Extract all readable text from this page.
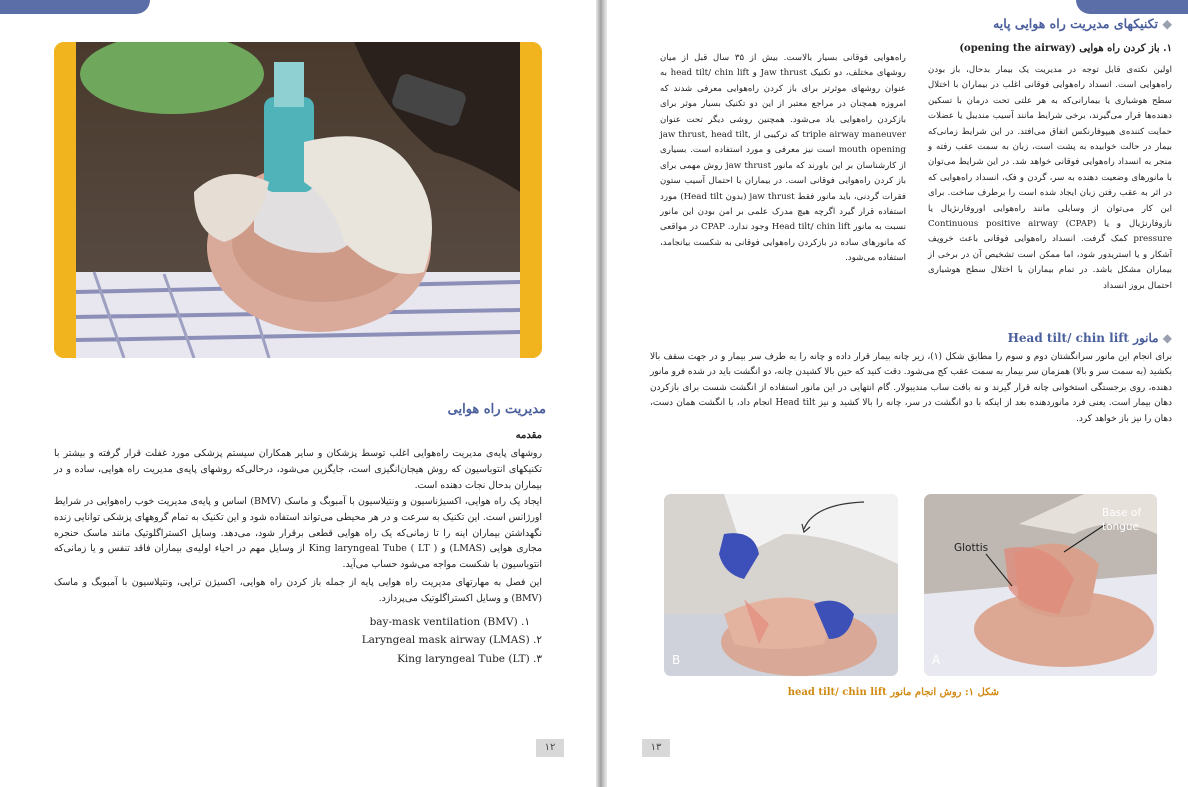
مدیریت راه هوایی
مقدمه

روشهای پایه‌ی مدیریت راه‌هوایی اغلب توسط پزشکان و سایر همکاران سیستم پزشکی مورد غفلت قرار گرفته و بیشتر با تکنیکهای انتوباسیون که روش هیجان‌انگیزی است، جایگزین می‌شود، درحالی‌که روشهای پایه‌ی مدیریت راه هوایی، ساده و در بیماران بدحال نجات دهنده است.

ایجاد یک راه هوایی، اکسیژناسیون و ونتیلاسیون با آمبوبگ و ماسک (BMV) اساس و پایه‌ی مدیریت خوب راه‌هوایی در شرایط اورژانس است. این تکنیک به سرعت و در هر محیطی می‌تواند استفاده شود و این تکنیک به تمام گروههای پزشکی توانایی زنده نگهداشتن بیماران اینه را تا زمانی‌که یک راه هوایی قطعی برقرار شود، می‌دهد. وسایل اکستراگلوتیک مانند ماسک حنجره مجاری هوایی (LMAS) و ( King laryngeal Tube ( LT از وسایل مهم در احیاء اولیه‌ی بیماران فاقد تنفس و یا زمانی‌که انتوباسیون با شکست مواجه می‌شود حساب می‌آید.

این فصل به مهارتهای مدیریت راه هوایی پایه از جمله باز کردن راه هوایی، اکسیژن تراپی، ونتیلاسیون با آمبوبگ و ماسک (BMV) و وسایل اکستراگلوتیک می‌پردازد.

bay-mask ventilation (BMV) .۱
Laryngeal mask airway (LMAS) .۲
King laryngeal Tube (LT) .۳
۱۲
◆ تکنیکهای مدیریت راه هوایی پایه
۱. باز کردن راه هوایی (opening the airway)

اولین نکته‌ی قابل توجه در مدیریت یک بیمار بدحال، باز بودن راه‌هوایی است. انسداد راه‌هوایی فوقانی اغلب در بیماران با اختلال سطح هوشیاری یا بیمارانی‌که به هر علتی تحت درمان با تسکین دهنده‌ها قرار می‌گیرند، برخی شرایط مانند آسیب مندیبل یا عضلات حمایت کننده‌ی هیپوفارنکس اتفاق می‌افتد. در این شرایط زمانی‌که بیمار در حالت خوابیده به پشت است، زبان به سمت عقب رفته و منجر به انسداد راه‌هوایی فوقانی خواهد شد. در این شرایط می‌توان با مانورهای وضعیت دهنده به سر، گردن و فک، انسداد راه‌هوایی که در اثر به عقب رفتن زبان ایجاد شده است را برطرف ساخت. برای این کار می‌توان از وسایلی مانند راه‌هوایی اوروفارنژیال یا نازوفارنژیال و یا (CPAP) Continuous positive airway pressure کمک گرفت. انسداد راه‌هوایی فوقانی باعث خروپف آشکار و یا استریدور شود، اما ممکن است تشخیص آن در برخی از بیماران مشکل باشد. در تمام بیماران با اختلال سطح هوشیاری احتمال بروز انسداد

راه‌هوایی فوقانی بسیار بالاست. بیش از ۳۵ سال قبل از میان روشهای مختلف، دو تکنیک Jaw thrust و head tilt/ chin lift به عنوان روشهای موثرتر برای باز کردن راه‌هوایی معرفی شدند که امروزه همچنان در مراجع معتبر از این دو تکنیک بسیار موثر برای بازکردن راه‌هوایی یاد می‌شود. همچنین روشی دیگر تحت عنوان triple airway maneuver که ترکیبی از jaw thrust, head tilt, mouth opening است نیز معرفی و مورد استفاده است. بسیاری از کارشناسان بر این باورند که مانور jaw thrust روش مهمی برای باز کردن راه‌هوایی فوقانی است. در بیماران با احتمال آسیب ستون فقرات گردنی، باید مانور فقط jaw thrust (بدون Head tilt) مورد استفاده قرار گیرد اگرچه هیچ مدرک علمی بر امن بودن این مانور نسبت به مانور Head tilt/ chin lift وجود ندارد. CPAP در مواقعی که مانورهای ساده در بازکردن راه‌هوایی فوقانی به شکست بیانجامد، استفاده می‌شود.

◆ مانور Head tilt/ chin lift

برای انجام این مانور سرانگشتان دوم و سوم را مطابق شکل (۱)، زیر چانه بیمار قرار داده و چانه را به طرف سر بیمار و در جهت سقف بالا بکشید (به سمت سر و بالا) همزمان سر بیمار به سمت عقب کج می‌شود. دقت کنید که حین بالا کشیدن چانه، دو انگشت باید در شده فرو مانور دهنده، روی برجستگی استخوانی چانه قرار گیرند و نه بافت ساب مندیبولار. گام انتهایی در این مانور استفاده از انگشت شست برای بازکردن دهان بیمار است. یعنی فرد مانوردهنده بعد از اینکه با دو انگشت در سر، چانه را بالا کشید و نیز Head tilt انجام داد، با انگشت همان دست، دهان را نیز باز خواهد کرد.

B
Base of
tongue
Glottis
A
شکل ۱: روش انجام مانور head tilt/ chin lift
۱۳
